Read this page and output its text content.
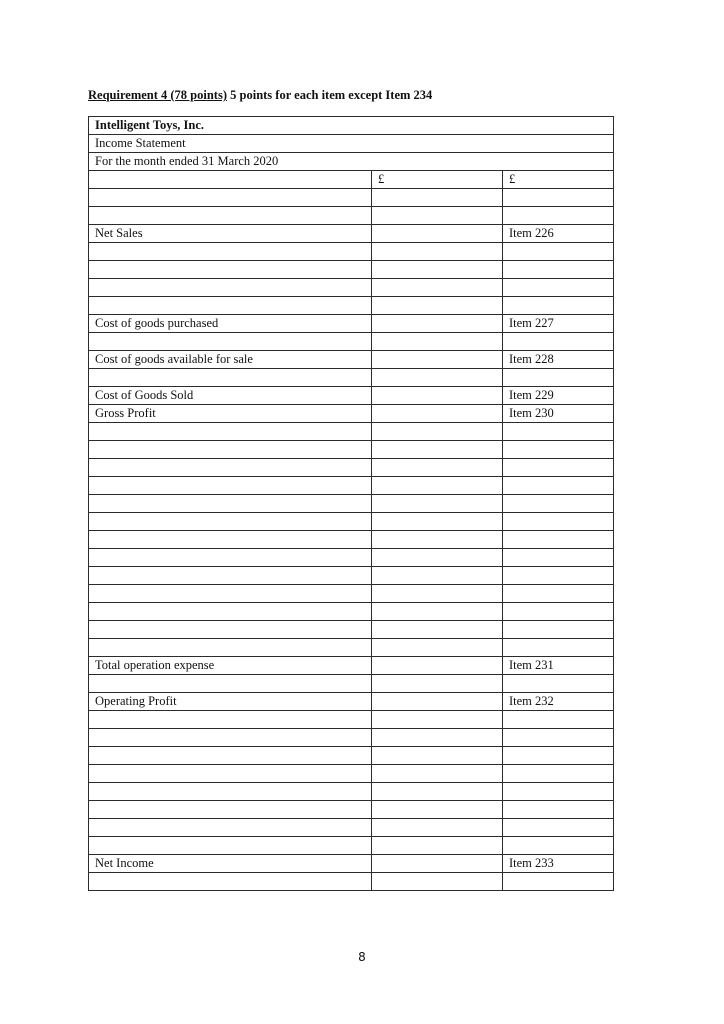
Requirement 4 (78 points) 5 points for each item except Item 234
Intelligent Toys, Inc.		
Income Statement		
For the month ended 31 March 2020		
	£	£

Net Sales		Item 226

Cost of goods purchased		Item 227

Cost of goods available for sale		Item 228

Cost of Goods Sold		Item 229
Gross Profit		Item 230

Total operation expense		Item 231

Operating Profit		Item 232

Net Income		Item 233

8
